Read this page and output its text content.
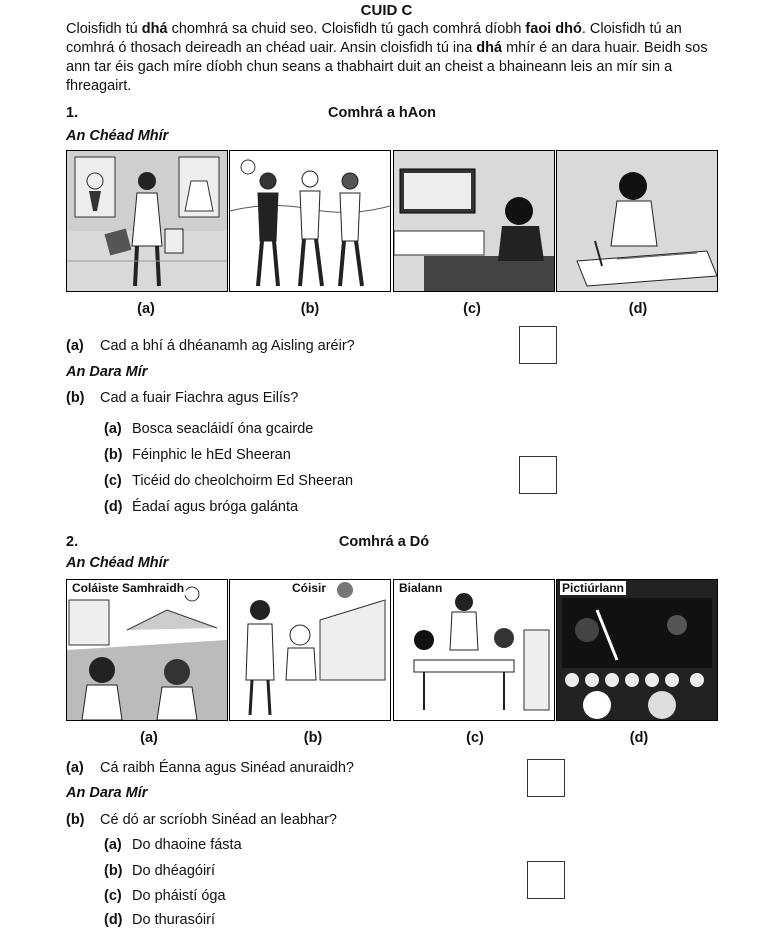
CUID C
Cloisfidh tú dhá chomhrá sa chuid seo. Cloisfidh tú gach comhrá díobh faoi dhó. Cloisfidh tú an comhrá ó thosach deireadh an chéad uair. Ansin cloisfidh tú ina dhá mhír é an dara huair. Beidh sos ann tar éis gach míre díobh chun seans a thabhairt duit an cheist a bhaineann leis an mír sin a fhreagairt.
1.	Comhrá a hAon
An Chéad Mhír
(a)	(b)	(c)	(d)
(a) Cad a bhí á dhéanamh ag Aisling aréir?
An Dara Mír
(b) Cad a fuair Fiachra agus Eilís?
(a) Bosca seacláidí óna gcairde
(b) Féinphic le hEd Sheeran
(c) Ticéid do cheolchoirm Ed Sheeran
(d) Éadaí agus bróga galánta
2.	Comhrá a Dó
An Chéad Mhír
Coláiste Samhraidh	Cóisir	Bialann	Pictiúrlann
(a)	(b)	(c)	(d)
(a) Cá raibh Éanna agus Sinéad anuraidh?
An Dara Mír
(b) Cé dó ar scríobh Sinéad an leabhar?
(a) Do dhaoine fásta
(b) Do dhéagóirí
(c) Do pháistí óga
(d) Do thurasóirí
